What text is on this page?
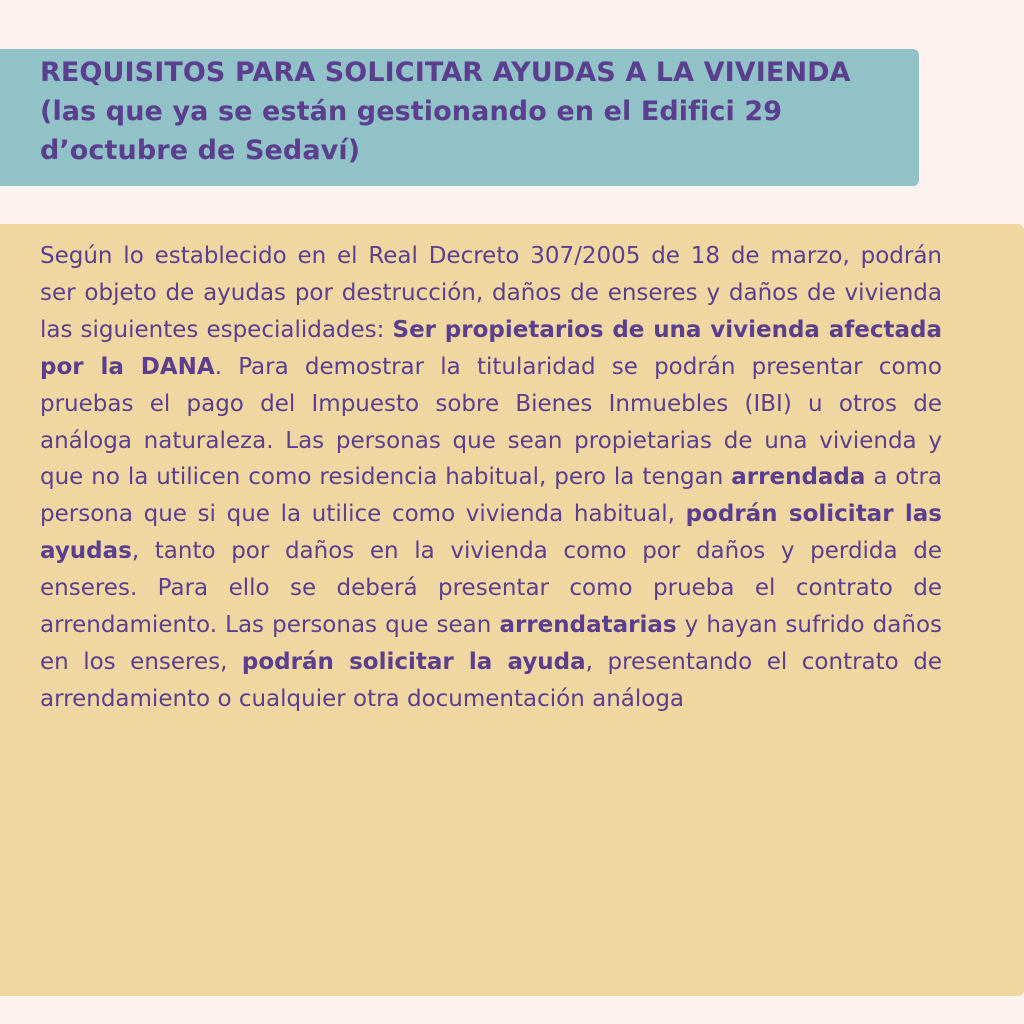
REQUISITOS PARA SOLICITAR AYUDAS A LA VIVIENDA (las que ya se están gestionando en el Edifici 29 d’octubre de Sedaví)

Según lo establecido en el Real Decreto 307/2005 de 18 de marzo, podrán ser objeto de ayudas por destrucción, daños de enseres y daños de vivienda las siguientes especialidades: Ser propietarios de una vivienda afectada por la DANA. Para demostrar la titularidad se podrán presentar como pruebas el pago del Impuesto sobre Bienes Inmuebles (IBI) u otros de análoga naturaleza. Las personas que sean propietarias de una vivienda y que no la utilicen como residencia habitual, pero la tengan arrendada a otra persona que si que la utilice como vivienda habitual, podrán solicitar las ayudas, tanto por daños en la vivienda como por daños y perdida de enseres. Para ello se deberá presentar como prueba el contrato de arrendamiento. Las personas que sean arrendatarias y hayan sufrido daños en los enseres, podrán solicitar la ayuda, presentando el contrato de arrendamiento o cualquier otra documentación análoga
